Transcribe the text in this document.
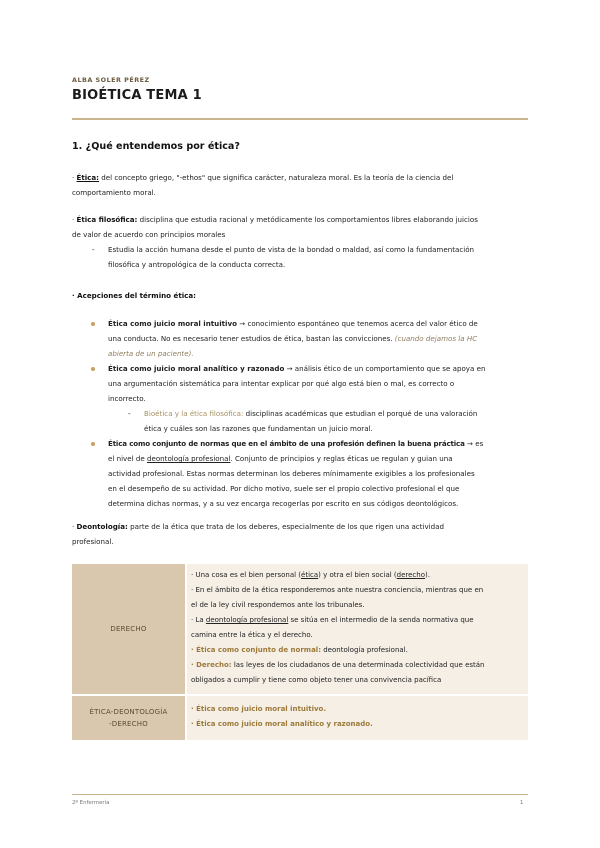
ALBA SOLER PÉREZ
BIOÉTICA TEMA 1
1. ¿Qué entendemos por ética?
· Ética: del concepto griego, "-ethos" que significa carácter, naturaleza moral. Es la teoría de la ciencia del
comportamiento moral.
· Ética filosófica: disciplina que estudia racional y metódicamente los comportamientos libres elaborando juicios
de valor de acuerdo con principios morales
- Estudia la acción humana desde el punto de vista de la bondad o maldad, así como la fundamentación
filosófica y antropológica de la conducta correcta.
· Acepciones del término ética:
Ética como juicio moral intuitivo → conocimiento espontáneo que tenemos acerca del valor ético de
una conducta. No es necesario tener estudios de ética, bastan las convicciones. (cuando dejamos la HC
abierta de un paciente).
Ética como juicio moral analítico y razonado → análisis ético de un comportamiento que se apoya en
una argumentación sistemática para intentar explicar por qué algo está bien o mal, es correcto o
incorrecto.
- Bioética y la ética filosófica: disciplinas académicas que estudian el porqué de una valoración
ética y cuáles son las razones que fundamentan un juicio moral.
Ética como conjunto de normas que en el ámbito de una profesión definen la buena práctica → es
el nivel de deontología profesional. Conjunto de principios y reglas éticas ue regulan y guian una
actividad profesional. Estas normas determinan los deberes mínimamente exigibles a los profesionales
en el desempeño de su actividad. Por dicho motivo, suele ser el propio colectivo profesional el que
determina dichas normas, y a su vez encarga recogerlas por escrito en sus códigos deontológicos.
· Deontología: parte de la ética que trata de los deberes, especialmente de los que rigen una actividad
profesional.
DERECHO
· Una cosa es el bien personal (ética) y otra el bien social (derecho).
· En el ámbito de la ética responderemos ante nuestra conciencia, mientras que en
el de la ley civil respondemos ante los tribunales.
· La deontología profesional se sitúa en el intermedio de la senda normativa que
camina entre la ética y el derecho.
· Ética como conjunto de normal: deontología profesional.
· Derecho: las leyes de los ciudadanos de una determinada colectividad que están
obligados a cumplir y tiene como objeto tener una convivencia pacífica
ÉTICA-DEONTOLOGÍA
-DERECHO
· Ética como juicio moral intuitivo.
· Ética como juicio moral analítico y razonado.
2º Enfermería	1
